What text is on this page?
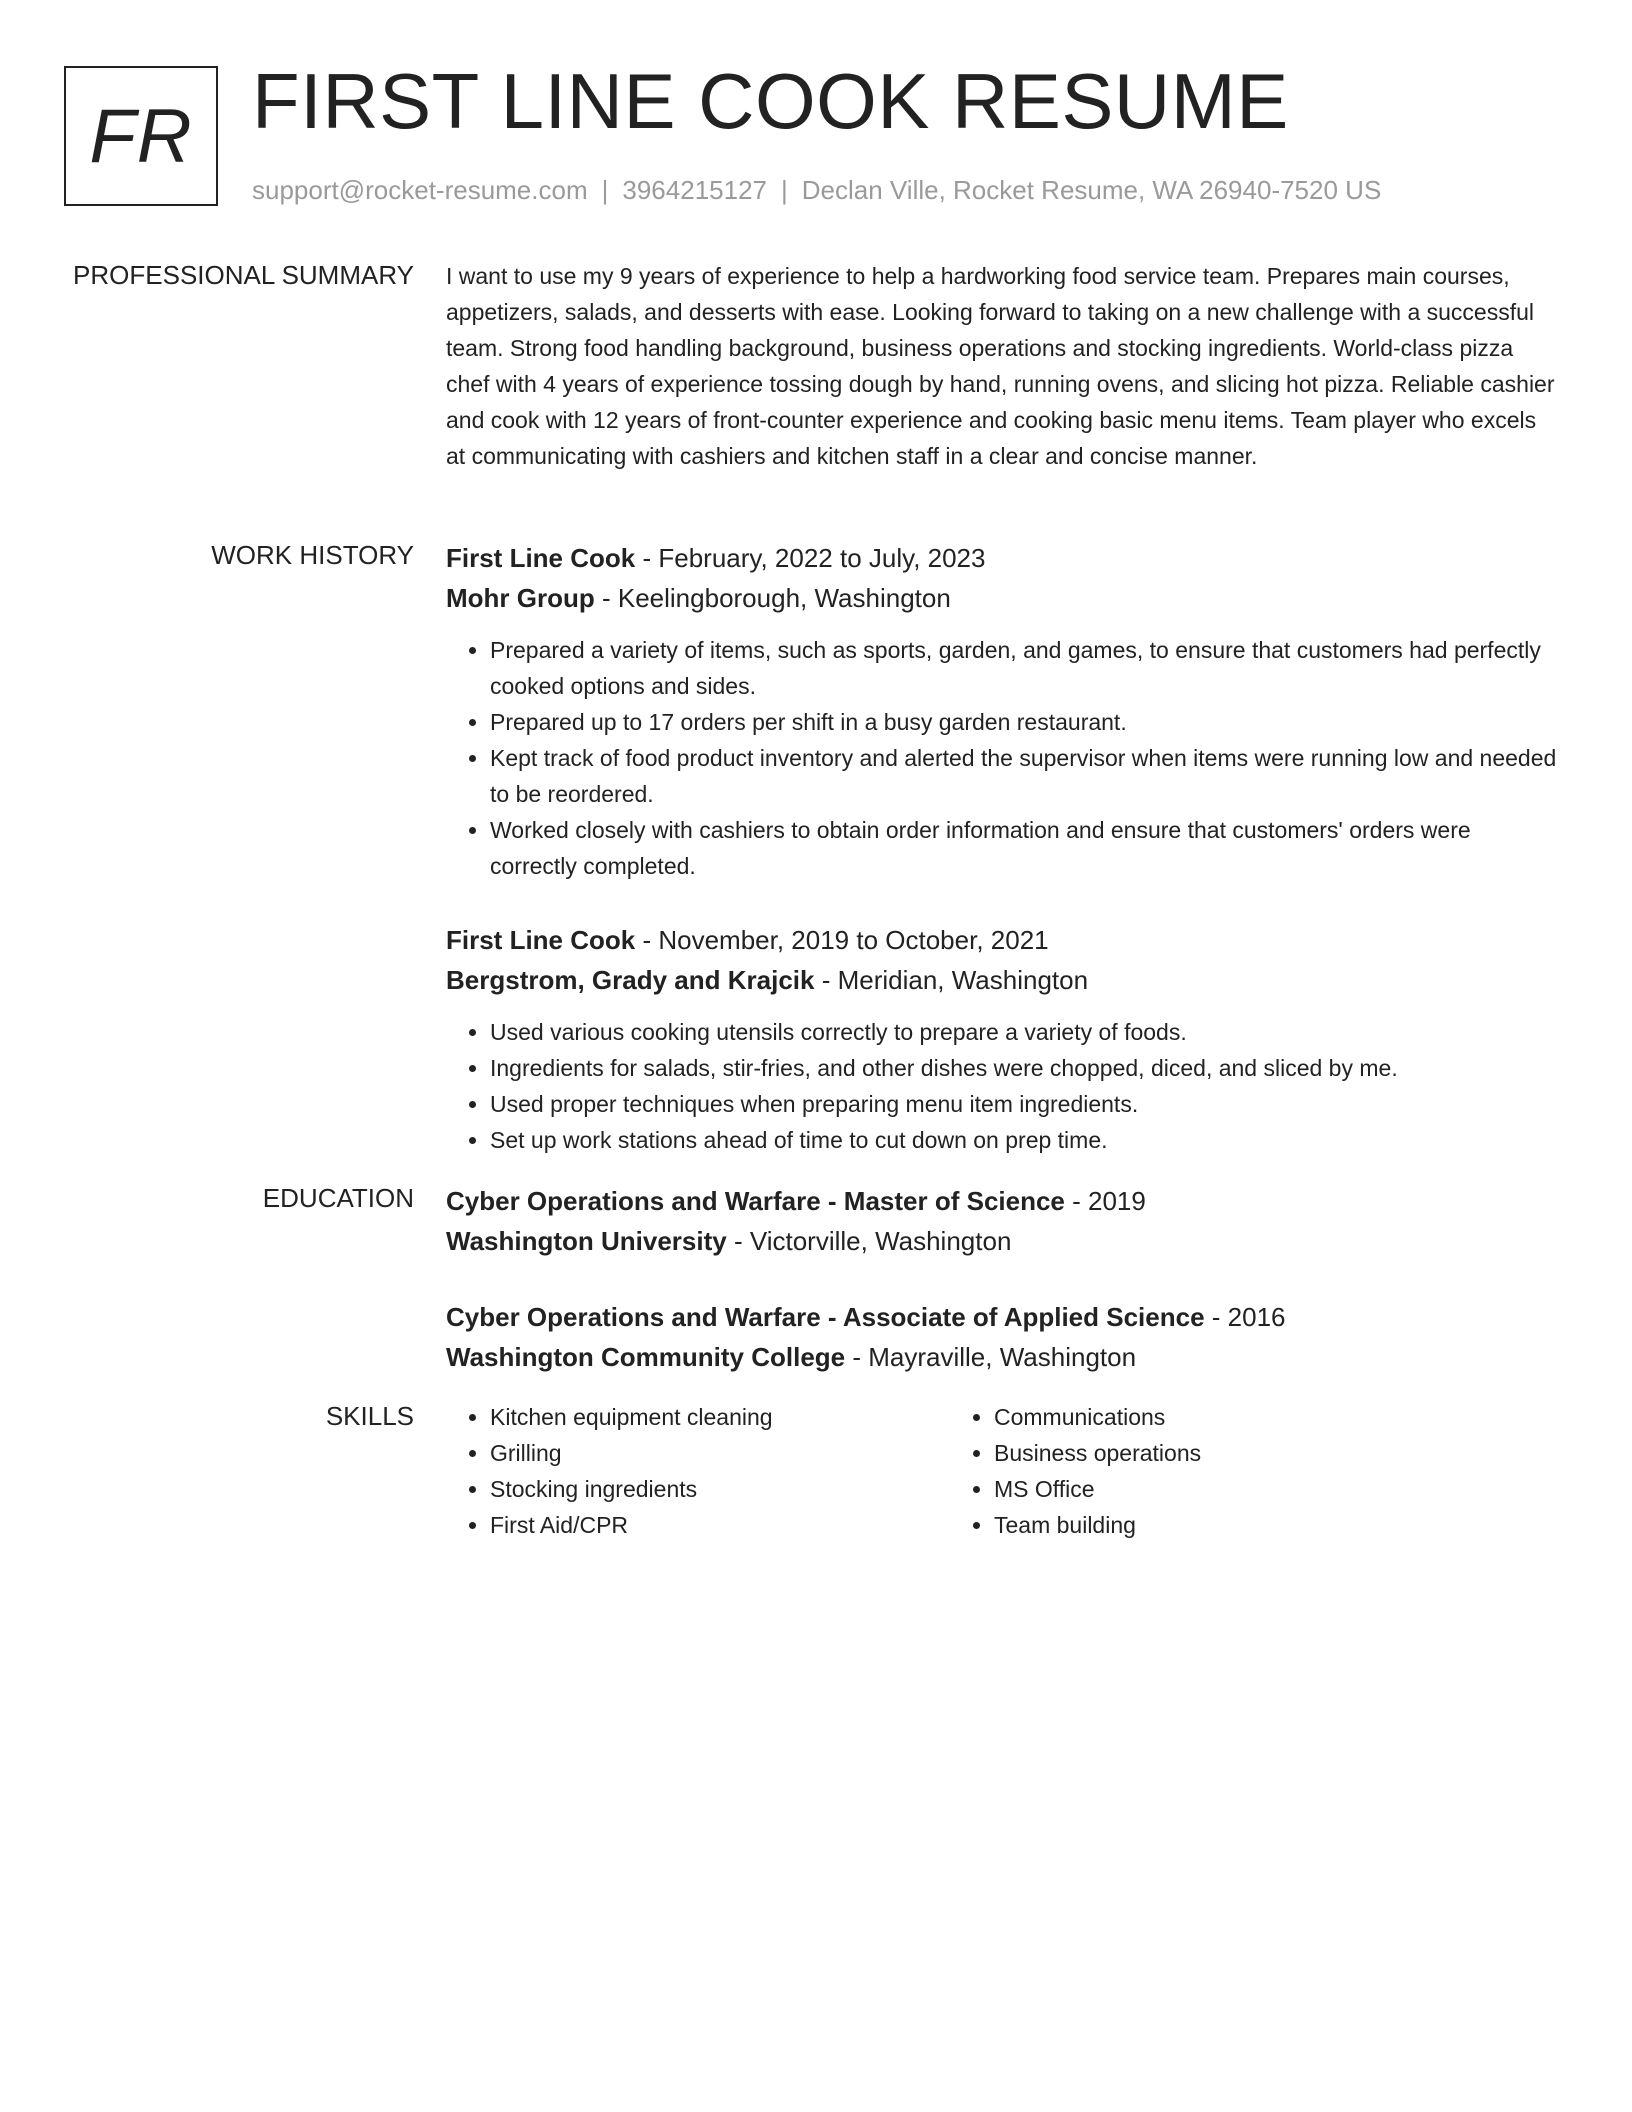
FR FIRST LINE COOK RESUME
support@rocket-resume.com | 3964215127 | Declan Ville, Rocket Resume, WA 26940-7520 US
PROFESSIONAL SUMMARY I want to use my 9 years of experience to help a hardworking food service team. Prepares main courses, appetizers, salads, and desserts with ease. Looking forward to taking on a new challenge with a successful team. Strong food handling background, business operations and stocking ingredients. World-class pizza chef with 4 years of experience tossing dough by hand, running ovens, and slicing hot pizza. Reliable cashier and cook with 12 years of front-counter experience and cooking basic menu items. Team player who excels at communicating with cashiers and kitchen staff in a clear and concise manner.

WORK HISTORY First Line Cook - February, 2022 to July, 2023
Mohr Group - Keelingborough, Washington
• Prepared a variety of items, such as sports, garden, and games, to ensure that customers had perfectly cooked options and sides.
• Prepared up to 17 orders per shift in a busy garden restaurant.
• Kept track of food product inventory and alerted the supervisor when items were running low and needed to be reordered.
• Worked closely with cashiers to obtain order information and ensure that customers' orders were correctly completed.
First Line Cook - November, 2019 to October, 2021
Bergstrom, Grady and Krajcik - Meridian, Washington
• Used various cooking utensils correctly to prepare a variety of foods.
• Ingredients for salads, stir-fries, and other dishes were chopped, diced, and sliced by me.
• Used proper techniques when preparing menu item ingredients.
• Set up work stations ahead of time to cut down on prep time.
EDUCATION Cyber Operations and Warfare - Master of Science - 2019
Washington University - Victorville, Washington
Cyber Operations and Warfare - Associate of Applied Science - 2016
Washington Community College - Mayraville, Washington
SKILLS
•	Kitchen equipment cleaning
• Grilling
• Stocking ingredients
• First Aid/CPR
• Communications
• Business operations
• MS Office
• Team building
